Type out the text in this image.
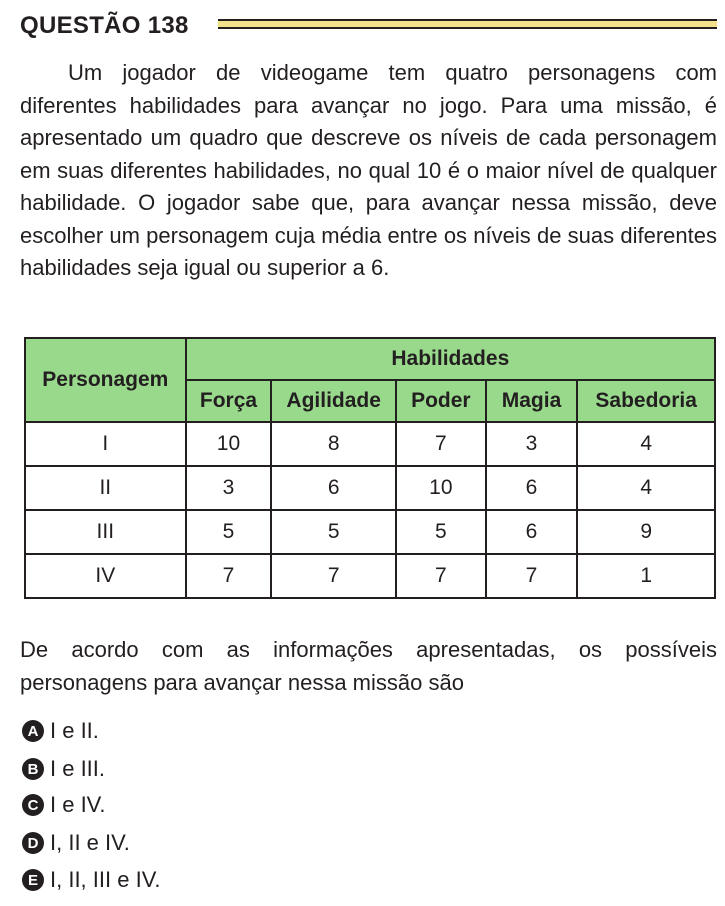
QUESTÃO 138

Um jogador de videogame tem quatro personagens com diferentes habilidades para avançar no jogo. Para uma missão, é apresentado um quadro que descreve os níveis de cada personagem em suas diferentes habilidades, no qual 10 é o maior nível de qualquer habilidade. O jogador sabe que, para avançar nessa missão, deve escolher um personagem cuja média entre os níveis de suas diferentes habilidades seja igual ou superior a 6.

Personagem	Habilidades				
	Força	Agilidade	Poder	Magia	Sabedoria
I	10	8	7	3	4
II	3	6	10	6	4
III	5	5	5	6	9
IV	7	7	7	7	1

De acordo com as informações apresentadas, os possíveis personagens para avançar nessa missão são

A I e II.
B I e III.
C I e IV.
D I, II e IV.
E I, II, III e IV.
